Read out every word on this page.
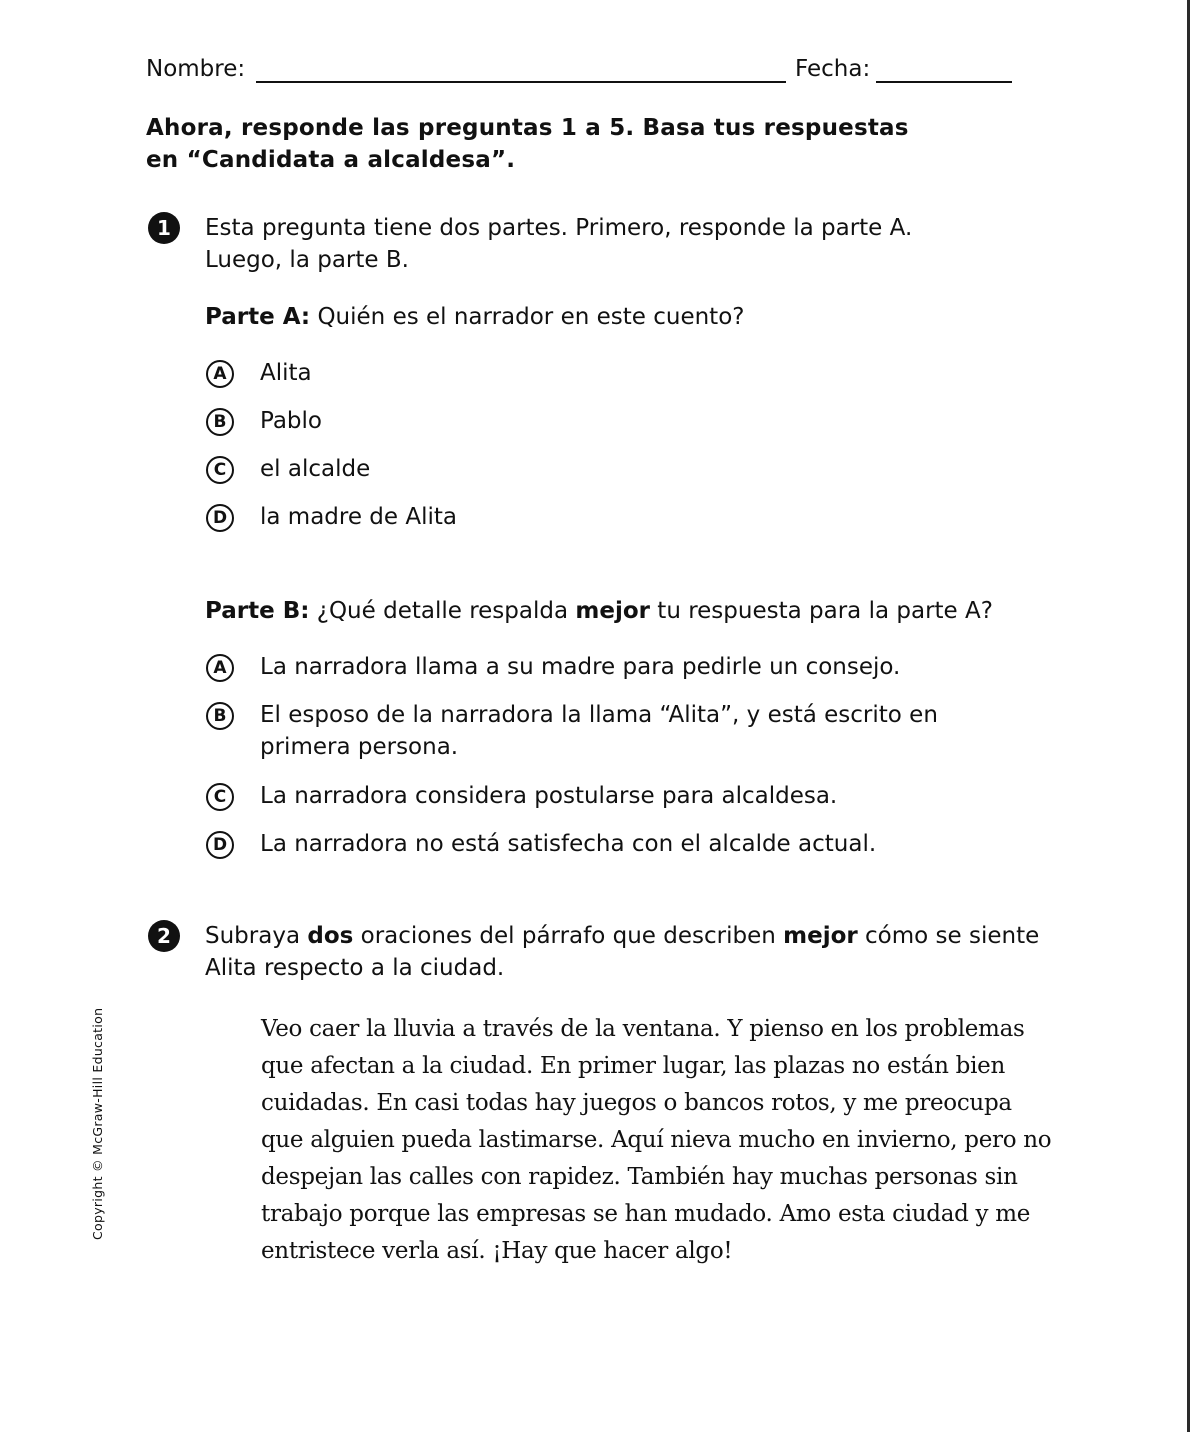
Nombre:	Fecha:
Ahora, responde las preguntas 1 a 5. Basa tus respuestas en “Candidata a alcaldesa”.
1	Esta pregunta tiene dos partes. Primero, responde la parte A. Luego, la parte B.
Parte A: Quién es el narrador en este cuento?
A	Alita
B	Pablo
C	el alcalde
D	la madre de Alita
Parte B: ¿Qué detalle respalda mejor tu respuesta para la parte A?
A	La narradora llama a su madre para pedirle un consejo.
B	El esposo de la narradora la llama “Alita”, y está escrito en primera persona.
C	La narradora considera postularse para alcaldesa.
D	La narradora no está satisfecha con el alcalde actual.
2	Subraya dos oraciones del párrafo que describen mejor cómo se siente Alita respecto a la ciudad.
Veo caer la lluvia a través de la ventana. Y pienso en los problemas que afectan a la ciudad. En primer lugar, las plazas no están bien cuidadas. En casi todas hay juegos o bancos rotos, y me preocupa que alguien pueda lastimarse. Aquí nieva mucho en invierno, pero no despejan las calles con rapidez. También hay muchas personas sin trabajo porque las empresas se han mudado. Amo esta ciudad y me entristece verla así. ¡Hay que hacer algo!
Copyright © McGraw-Hill Education
